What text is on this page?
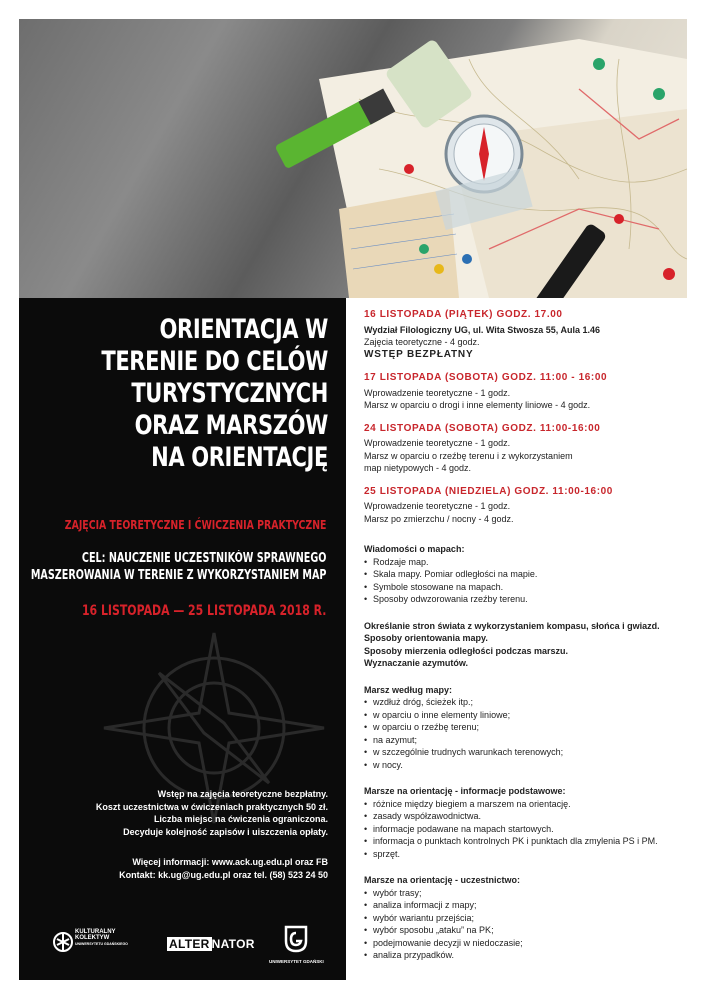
ORIENTACJA W
TERENIE DO CELÓW
TURYSTYCZNYCH
ORAZ MARSZÓW
NA ORIENTACJĘ
ZAJĘCIA TEORETYCZNE I ĆWICZENIA PRAKTYCZNE
CEL: NAUCZENIE UCZESTNIKÓW SPRAWNEGO
MASZEROWANIA W TERENIE Z WYKORZYSTANIEM MAP
16 LISTOPADA — 25 LISTOPADA 2018 R.
Wstęp na zajęcia teoretyczne bezpłatny.
Koszt uczestnictwa w ćwiczeniach praktycznych 50 zł.
Liczba miejsc na ćwiczenia ograniczona.
Decyduje kolejność zapisów i uiszczenia opłaty.
Więcej informacji: www.ack.ug.edu.pl oraz FB
Kontakt: kk.ug@ug.edu.pl oraz tel. (58) 523 24 50
KULTURALNY
KOLEKTYW
UNIWERSYTETU GDAŃSKIEGO	ALTER NATOR
UNIWERSYTET GDAŃSKI
16 LISTOPADA (PIĄTEK) GODZ. 17.00
Wydział Filologiczny UG, ul. Wita Stwosza 55, Aula 1.46
Zajęcia teoretyczne - 4 godz.
WSTĘP BEZPŁATNY
17 LISTOPADA (SOBOTA) GODZ. 11:00 - 16:00
Wprowadzenie teoretyczne - 1 godz.
Marsz w oparciu o drogi i inne elementy liniowe - 4 godz.
24 LISTOPADA (SOBOTA) GODZ. 11:00-16:00
Wprowadzenie teoretyczne - 1 godz.
Marsz w oparciu o rzeźbę terenu i z wykorzystaniem
map nietypowych - 4 godz.
25 LISTOPADA (NIEDZIELA) GODZ. 11:00-16:00
Wprowadzenie teoretyczne - 1 godz.
Marsz po zmierzchu / nocny - 4 godz.
Wiadomości o mapach:
• Rodzaje map.
• Skala mapy. Pomiar odległości na mapie.
• Symbole stosowane na mapach.
• Sposoby odwzorowania rzeźby terenu.
Określanie stron świata z wykorzystaniem kompasu, słońca i gwiazd.
Sposoby orientowania mapy.
Sposoby mierzenia odległości podczas marszu.
Wyznaczanie azymutów.
Marsz według mapy:
• wzdłuż dróg, ścieżek itp.;
• w oparciu o inne elementy liniowe;
• w oparciu o rzeźbę terenu;
• na azymut;
• w szczególnie trudnych warunkach terenowych;
• w nocy.
Marsze na orientację - informacje podstawowe:
• różnice między biegiem a marszem na orientację.
• zasady współzawodnictwa.
• informacje podawane na mapach startowych.
• informacja o punktach kontrolnych PK i punktach dla zmylenia PS i PM.
• sprzęt.
Marsze na orientację - uczestnictwo:
• wybór trasy;
• analiza informacji z mapy;
• wybór wariantu przejścia;
• wybór sposobu „ataku” na PK;
• podejmowanie decyzji w niedoczasie;
• analiza przypadków.
